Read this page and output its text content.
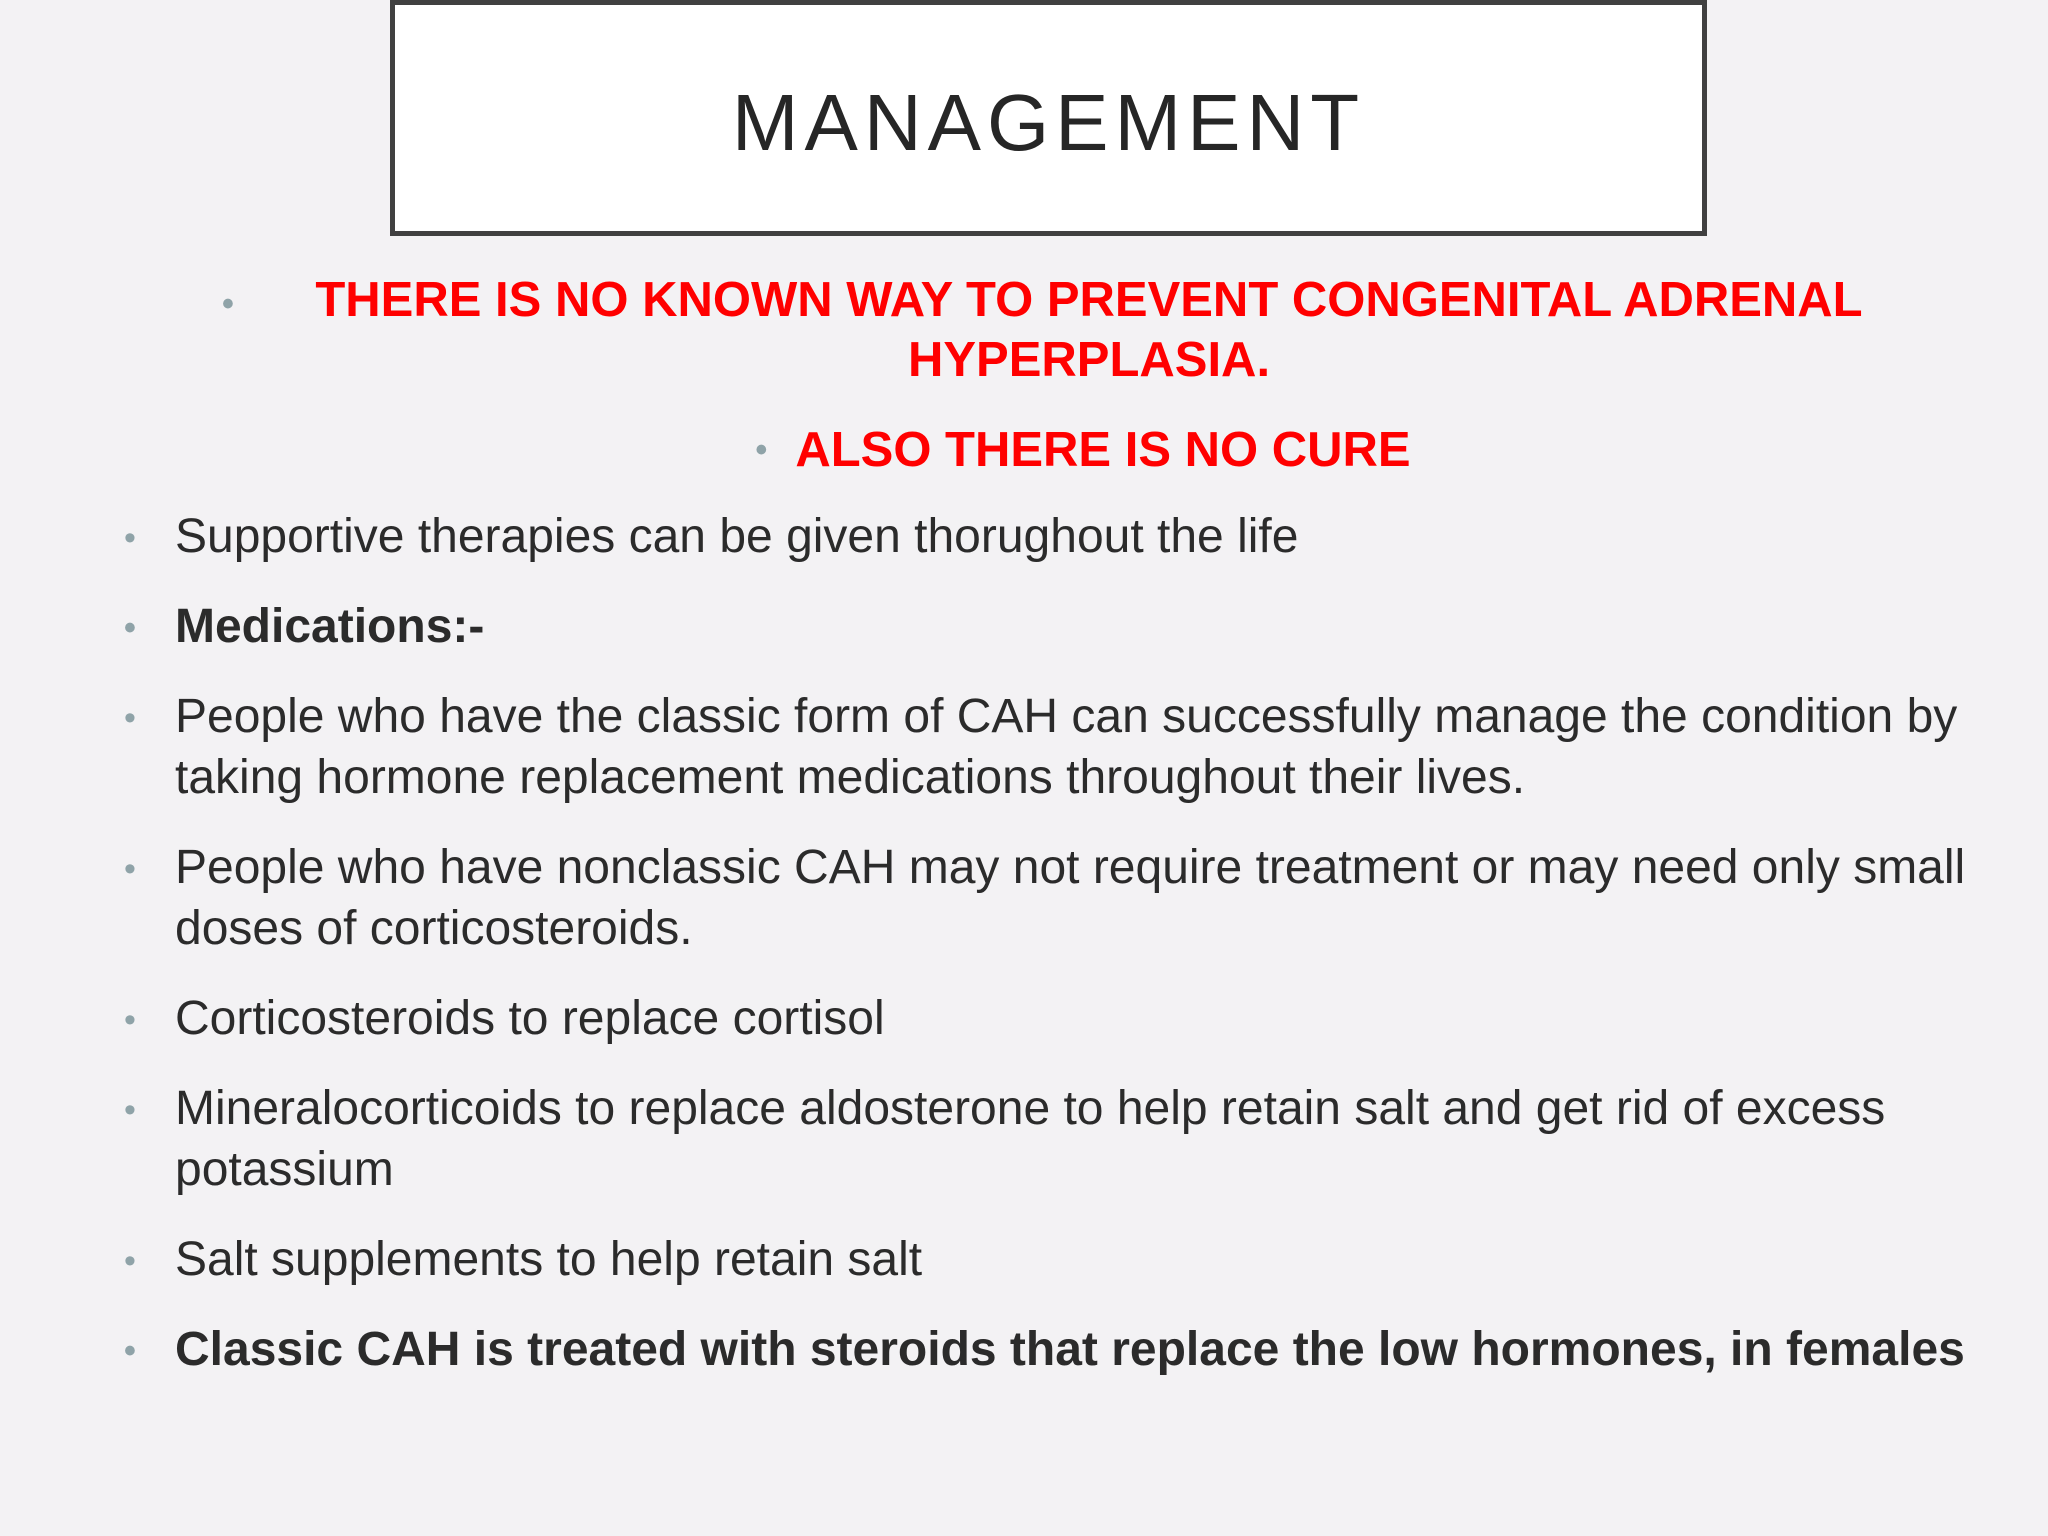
MANAGEMENT
• THERE IS NO KNOWN WAY TO PREVENT CONGENITAL ADRENAL HYPERPLASIA.
• ALSO THERE IS NO CURE
• Supportive therapies can be given thorughout the life
• Medications:-
• People who have the classic form of CAH can successfully manage the condition by taking hormone replacement medications throughout their lives.
• People who have nonclassic CAH may not require treatment or may need only small doses of corticosteroids.
• Corticosteroids to replace cortisol
• Mineralocorticoids to replace aldosterone to help retain salt and get rid of excess potassium
• Salt supplements to help retain salt
• Classic CAH is treated with steroids that replace the low hormones, in females
